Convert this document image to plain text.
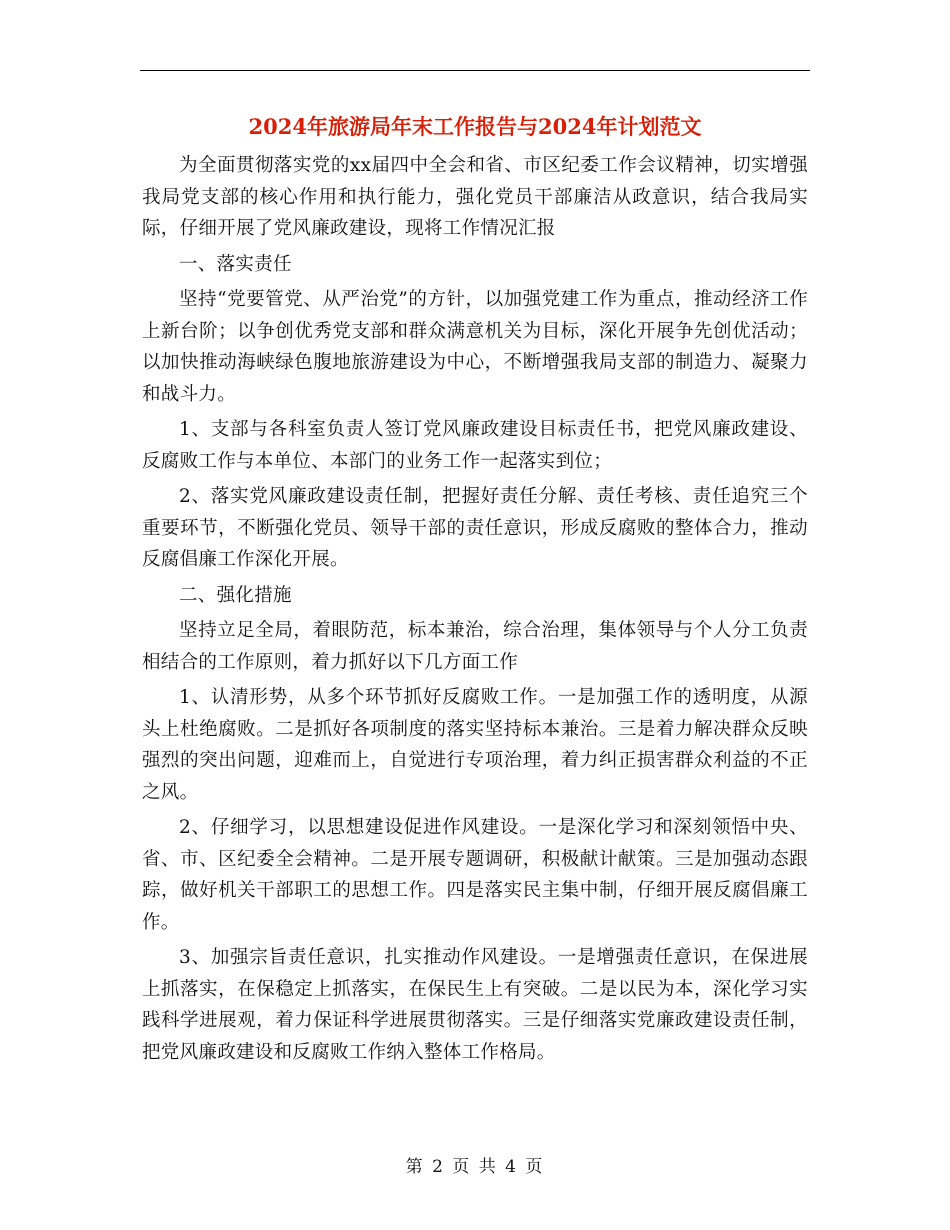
2024年旅游局年末工作报告与2024年计划范文

为全面贯彻落实党的xx届四中全会和省、市区纪委工作会议精神，切实增强我局党支部的核心作用和执行能力，强化党员干部廉洁从政意识，结合我局实际，仔细开展了党风廉政建设，现将工作情况汇报

一、落实责任

坚持“党要管党、从严治党”的方针，以加强党建工作为重点，推动经济工作上新台阶；以争创优秀党支部和群众满意机关为目标，深化开展争先创优活动；以加快推动海峡绿色腹地旅游建设为中心，不断增强我局支部的制造力、凝聚力和战斗力。

1、支部与各科室负责人签订党风廉政建设目标责任书，把党风廉政建设、反腐败工作与本单位、本部门的业务工作一起落实到位；

2、落实党风廉政建设责任制，把握好责任分解、责任考核、责任追究三个重要环节，不断强化党员、领导干部的责任意识，形成反腐败的整体合力，推动反腐倡廉工作深化开展。

二、强化措施

坚持立足全局，着眼防范，标本兼治，综合治理，集体领导与个人分工负责相结合的工作原则，着力抓好以下几方面工作

1、认清形势，从多个环节抓好反腐败工作。一是加强工作的透明度，从源头上杜绝腐败。二是抓好各项制度的落实坚持标本兼治。三是着力解决群众反映强烈的突出问题，迎难而上，自觉进行专项治理，着力纠正损害群众利益的不正之风。

2、仔细学习，以思想建设促进作风建设。一是深化学习和深刻领悟中央、省、市、区纪委全会精神。二是开展专题调研，积极献计献策。三是加强动态跟踪，做好机关干部职工的思想工作。四是落实民主集中制，仔细开展反腐倡廉工作。

3、加强宗旨责任意识，扎实推动作风建设。一是增强责任意识，在保进展上抓落实，在保稳定上抓落实，在保民生上有突破。二是以民为本，深化学习实践科学进展观，着力保证科学进展贯彻落实。三是仔细落实党廉政建设责任制，把党风廉政建设和反腐败工作纳入整体工作格局。

第 2 页 共 4 页
